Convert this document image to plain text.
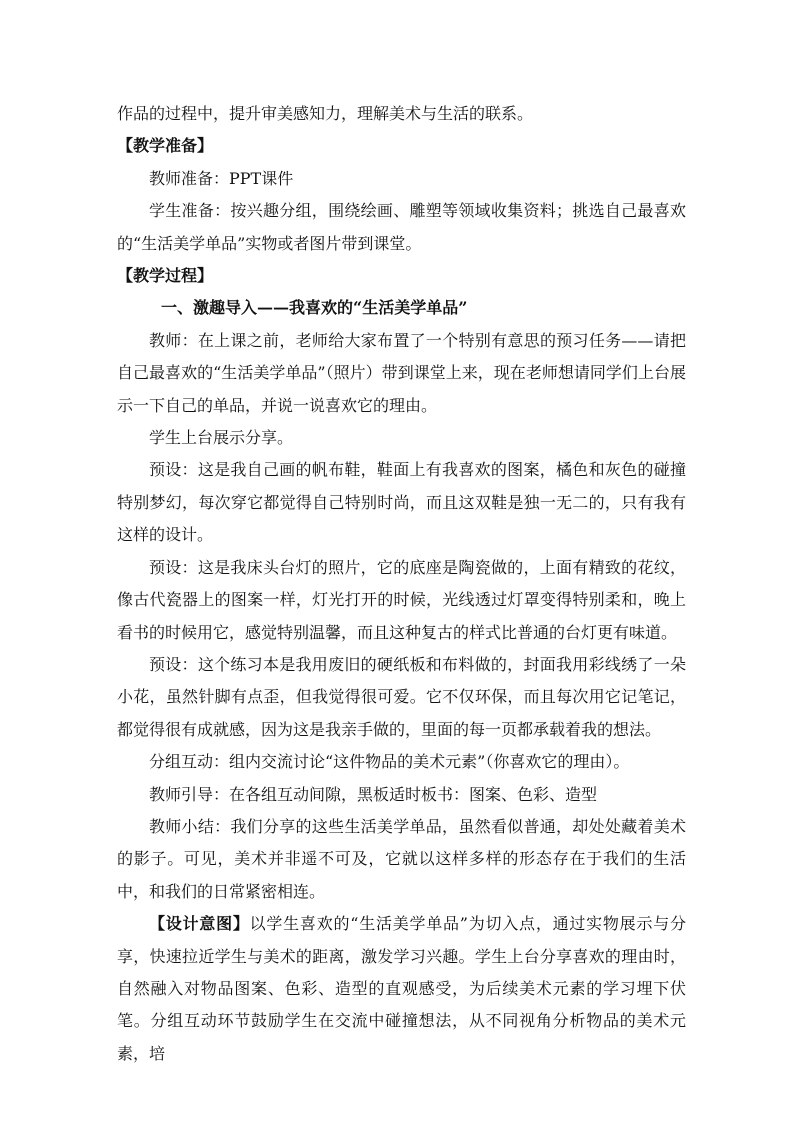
作品的过程中，提升审美感知力，理解美术与生活的联系。

【教学准备】

教师准备：PPT课件

学生准备：按兴趣分组，围绕绘画、雕塑等领域收集资料；挑选自己最喜欢的“生活美学单品”实物或者图片带到课堂。

【教学过程】

一、激趣导入——我喜欢的“生活美学单品”

教师：在上课之前，老师给大家布置了一个特别有意思的预习任务——请把自己最喜欢的“生活美学单品”（照片）带到课堂上来，现在老师想请同学们上台展示一下自己的单品，并说一说喜欢它的理由。

学生上台展示分享。

预设：这是我自己画的帆布鞋，鞋面上有我喜欢的图案，橘色和灰色的碰撞特别梦幻，每次穿它都觉得自己特别时尚，而且这双鞋是独一无二的，只有我有这样的设计。

预设：这是我床头台灯的照片，它的底座是陶瓷做的，上面有精致的花纹，像古代瓷器上的图案一样，灯光打开的时候，光线透过灯罩变得特别柔和，晚上看书的时候用它，感觉特别温馨，而且这种复古的样式比普通的台灯更有味道。

预设：这个练习本是我用废旧的硬纸板和布料做的，封面我用彩线绣了一朵小花，虽然针脚有点歪，但我觉得很可爱。它不仅环保，而且每次用它记笔记，都觉得很有成就感，因为这是我亲手做的，里面的每一页都承载着我的想法。

分组互动：组内交流讨论“这件物品的美术元素”（你喜欢它的理由）。

教师引导：在各组互动间隙，黑板适时板书：图案、色彩、造型

教师小结：我们分享的这些生活美学单品，虽然看似普通，却处处藏着美术的影子。可见，美术并非遥不可及，它就以这样多样的形态存在于我们的生活中，和我们的日常紧密相连。

【设计意图】以学生喜欢的“生活美学单品”为切入点，通过实物展示与分享，快速拉近学生与美术的距离，激发学习兴趣。学生上台分享喜欢的理由时，自然融入对物品图案、色彩、造型的直观感受，为后续美术元素的学习埋下伏笔。分组互动环节鼓励学生在交流中碰撞想法，从不同视角分析物品的美术元素，培
